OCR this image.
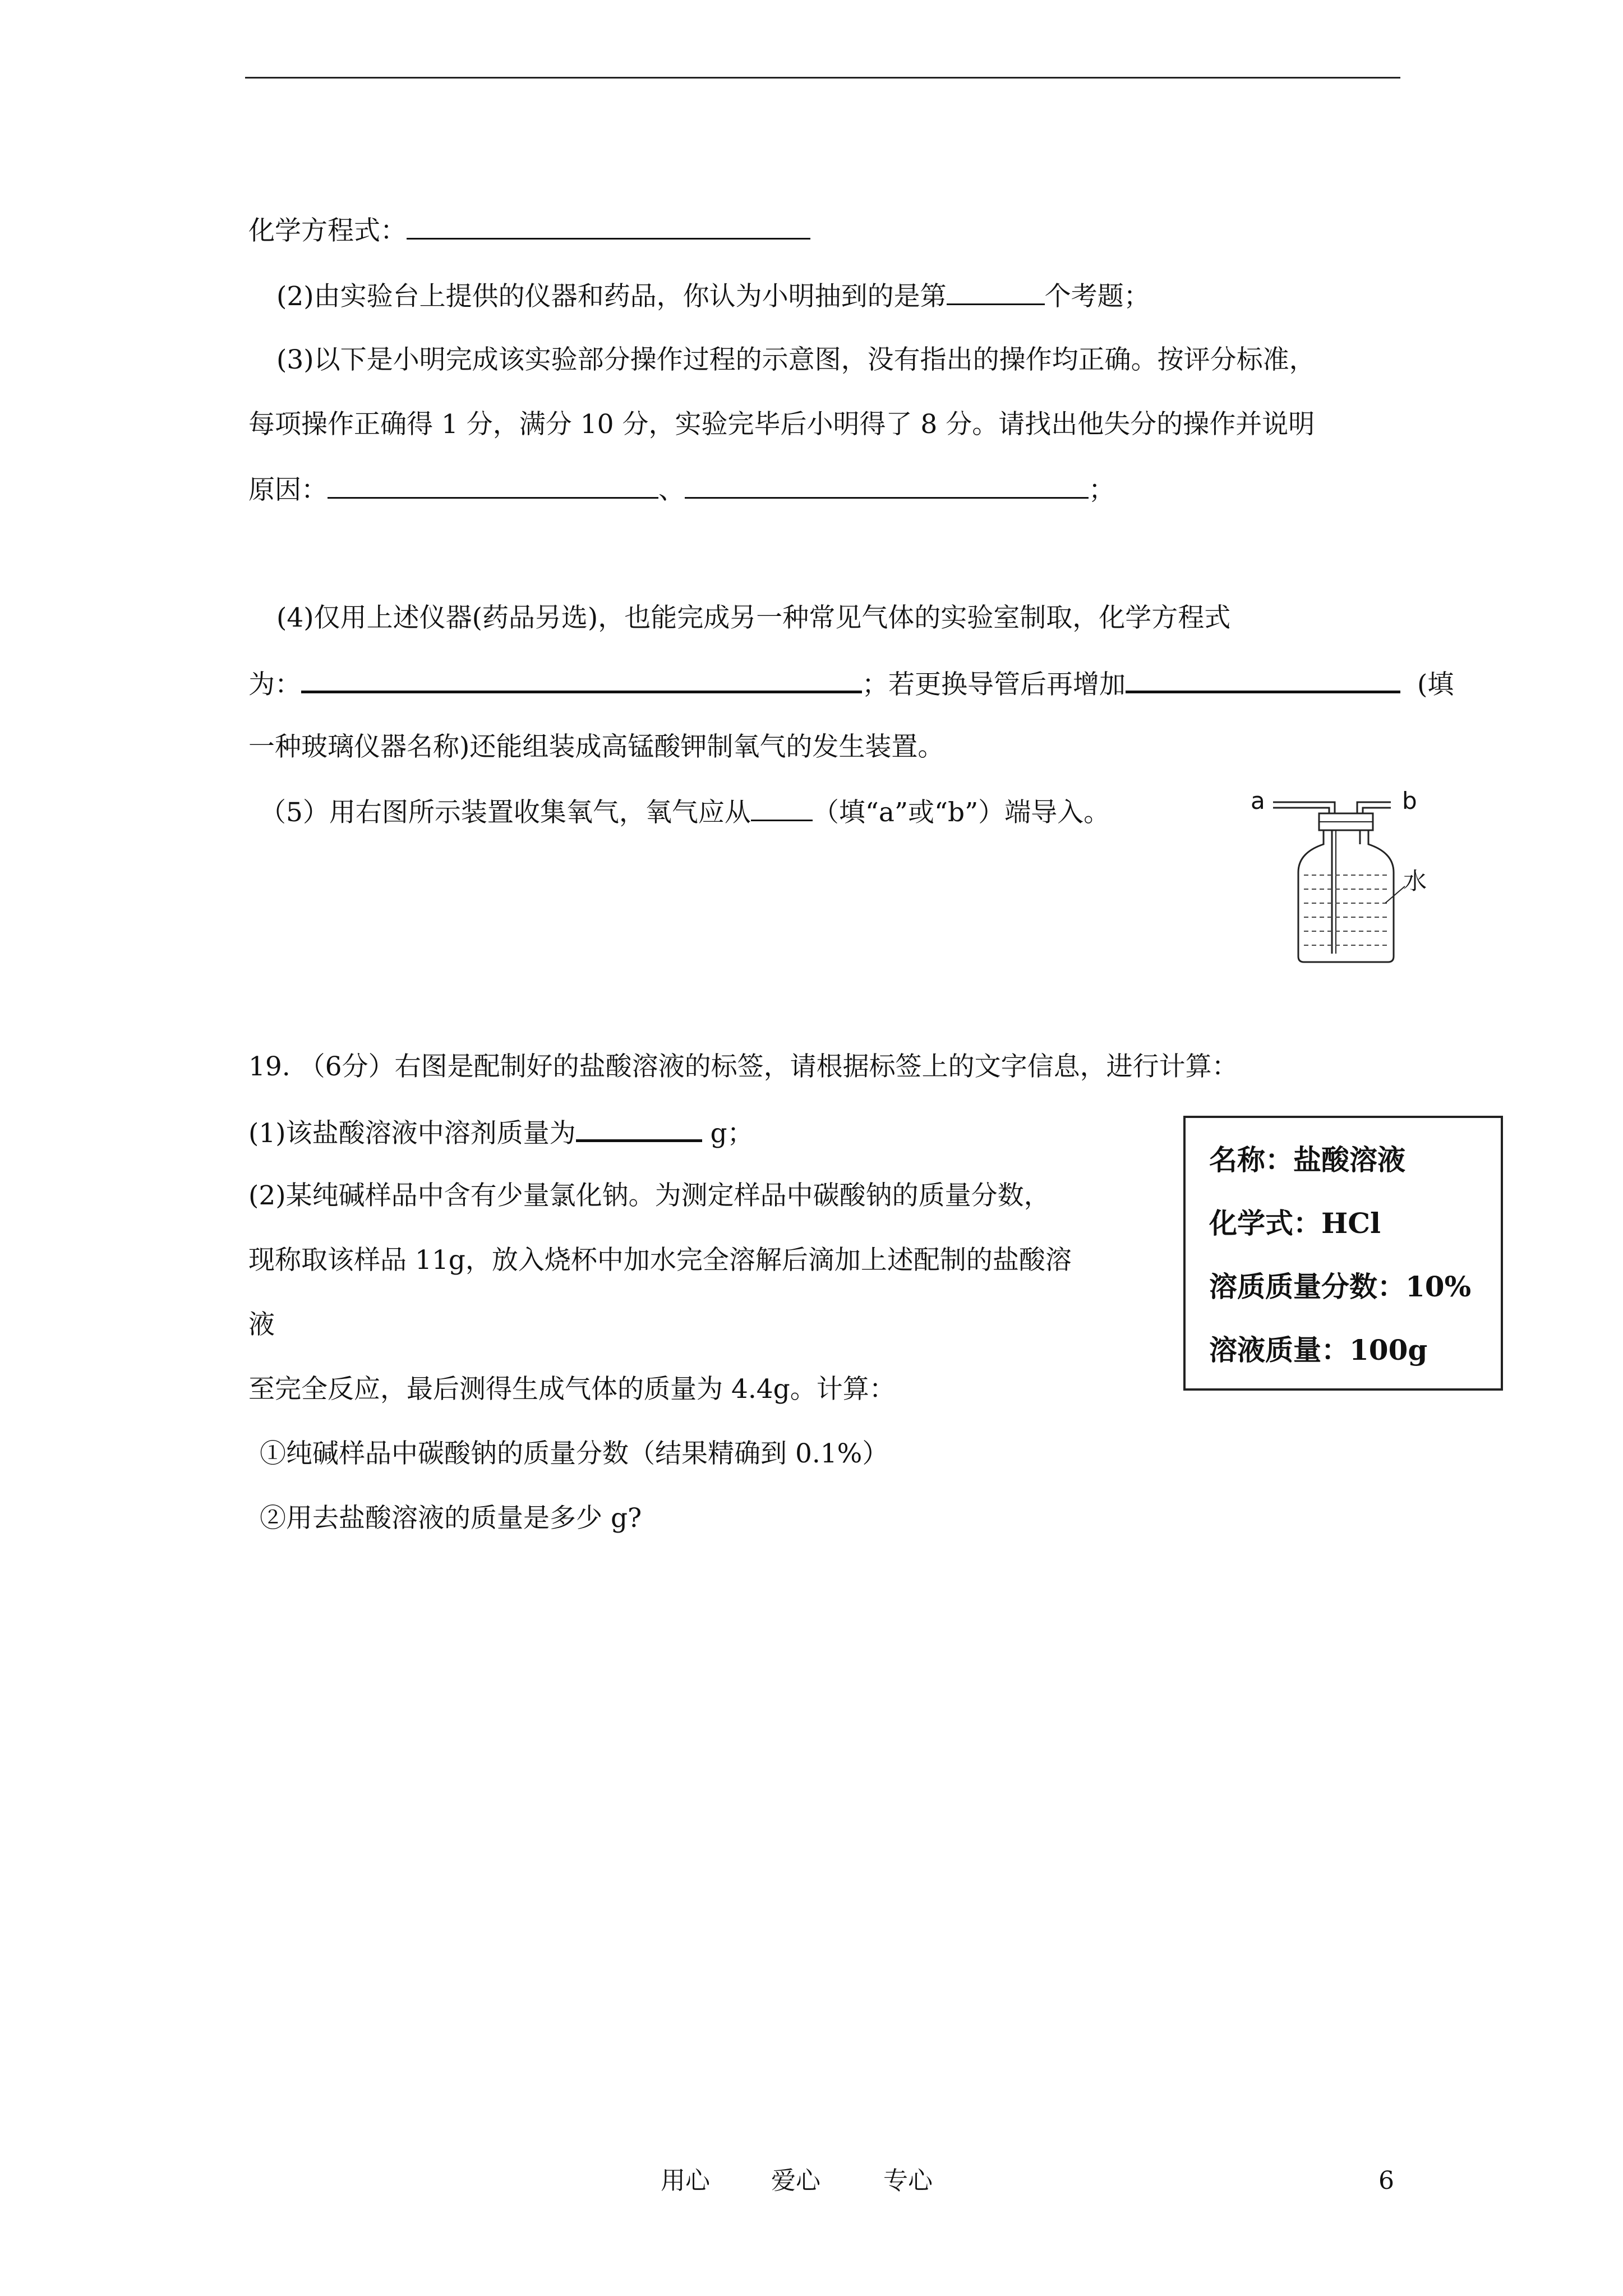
化学方程式：
(2)由实验台上提供的仪器和药品，你认为小明抽到的是第	个考题；
(3)以下是小明完成该实验部分操作过程的示意图，没有指出的操作均正确。按评分标准，
每项操作正确得 1 分，满分 10 分，实验完毕后小明得了 8 分。请找出他失分的操作并说明
原因：	、	；
(4)仅用上述仪器(药品另选)，也能完成另一种常见气体的实验室制取，化学方程式
为：	；若更换导管后再增加	(填
一种玻璃仪器名称)还能组装成高锰酸钾制氧气的发生装置。
（5）用右图所示装置收集氧气，氧气应从 （填“a”或“b”）端导入。	a	b
水
19. （6分）右图是配制好的盐酸溶液的标签，请根据标签上的文字信息，进行计算：
(1)该盐酸溶液中溶剂质量为	g；
(2)某纯碱样品中含有少量氯化钠。为测定样品中碳酸钠的质量分数，
现称取该样品 11g，放入烧杯中加水完全溶解后滴加上述配制的盐酸溶
液
至完全反应，最后测得生成气体的质量为 4.4g。计算：
①纯碱样品中碳酸钠的质量分数（结果精确到 0.1%）
②用去盐酸溶液的质量是多少 g?
名称：盐酸溶液
化学式：HCl
溶质质量分数：10%
溶液质量：100g
用心 爱心	专心	6
